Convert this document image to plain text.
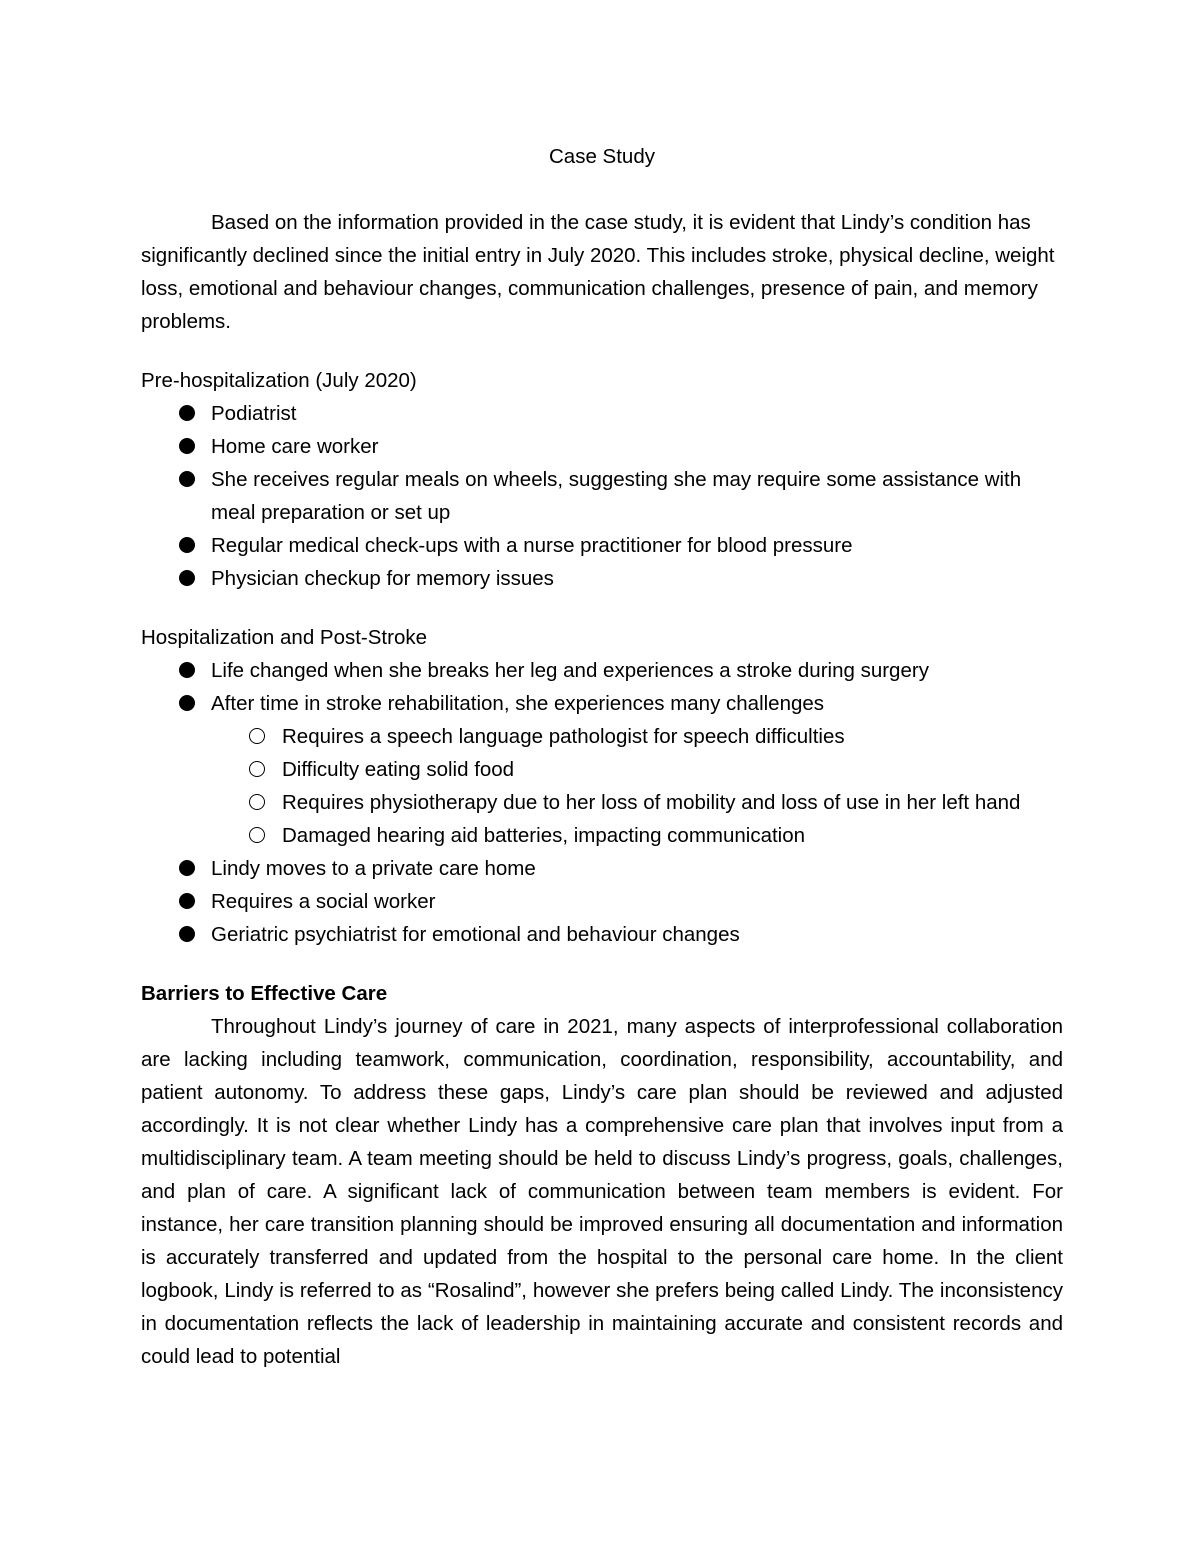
Case Study

Based on the information provided in the case study, it is evident that Lindy’s condition has significantly declined since the initial entry in July 2020. This includes stroke, physical decline, weight loss, emotional and behaviour changes, communication challenges, presence of pain, and memory problems.

Pre-hospitalization (July 2020)

Podiatrist
Home care worker
She receives regular meals on wheels, suggesting she may require some assistance with meal preparation or set up
Regular medical check-ups with a nurse practitioner for blood pressure
Physician checkup for memory issues

Hospitalization and Post-Stroke

Life changed when she breaks her leg and experiences a stroke during surgery
After time in stroke rehabilitation, she experiences many challenges
Requires a speech language pathologist for speech difficulties
Difficulty eating solid food
Requires physiotherapy due to her loss of mobility and loss of use in her left hand
Damaged hearing aid batteries, impacting communication
Lindy moves to a private care home
Requires a social worker
Geriatric psychiatrist for emotional and behaviour changes

Barriers to Effective Care

Throughout Lindy’s journey of care in 2021, many aspects of interprofessional collaboration are lacking including teamwork, communication, coordination, responsibility, accountability, and patient autonomy. To address these gaps, Lindy’s care plan should be reviewed and adjusted accordingly. It is not clear whether Lindy has a comprehensive care plan that involves input from a multidisciplinary team. A team meeting should be held to discuss Lindy’s progress, goals, challenges, and plan of care. A significant lack of communication between team members is evident. For instance, her care transition planning should be improved ensuring all documentation and information is accurately transferred and updated from the hospital to the personal care home. In the client logbook, Lindy is referred to as “Rosalind”, however she prefers being called Lindy. The inconsistency in documentation reflects the lack of leadership in maintaining accurate and consistent records and could lead to potential
